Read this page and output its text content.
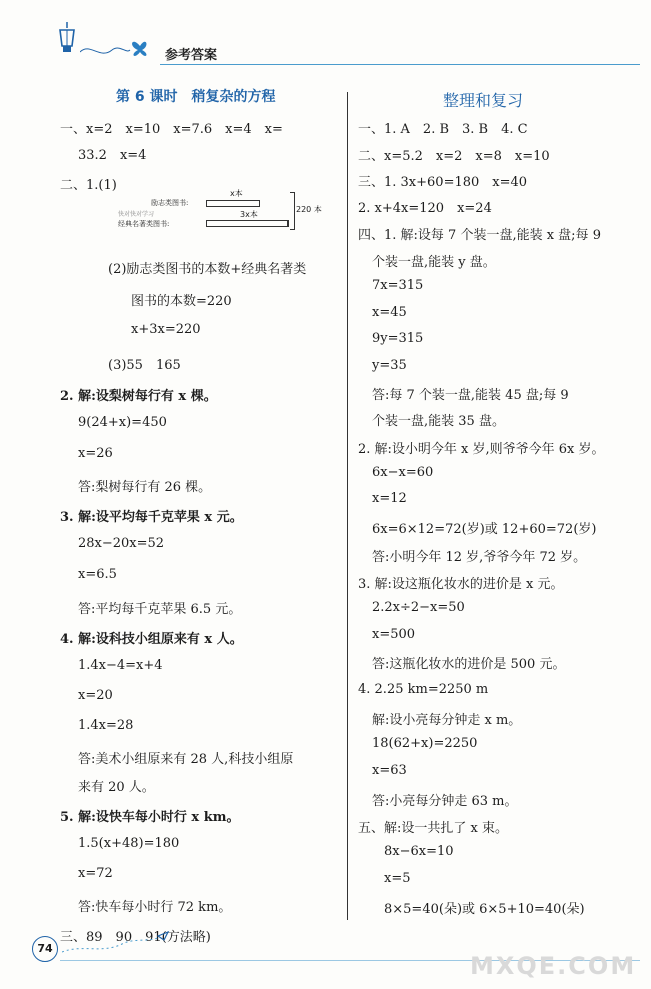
参考答案
第 6 课时　稍复杂的方程
一、x=2　x=10　x=7.6　x=4　x=
33.2　x=4
二、1.(1)
(2)励志类图书的本数+经典名著类
图书的本数=220
x+3x=220
(3)55　165
2. 解:设梨树每行有 x 棵。
9(24+x)=450
x=26
答:梨树每行有 26 棵。
3. 解:设平均每千克苹果 x 元。
28x−20x=52
x=6.5
答:平均每千克苹果 6.5 元。
4. 解:设科技小组原来有 x 人。
1.4x−4=x+4
x=20
1.4x=28
答:美术小组原来有 28 人,科技小组原
来有 20 人。
5. 解:设快车每小时行 x km。
1.5(x+48)=180
x=72
答:快车每小时行 72 km。
三、89　90　91(方法略)
x本
励志类图书:
快对快对学习	3x本
经典名著类图书:
220 本
整理和复习
一、1. A　2. B　3. B　4. C
二、x=5.2　x=2　x=8　x=10
三、1. 3x+60=180　x=40
2. x+4x=120　x=24
四、1. 解:设每 7 个装一盘,能装 x 盘;每 9
个装一盘,能装 y 盘。
7x=315
x=45
9y=315
y=35
答:每 7 个装一盘,能装 45 盘;每 9
个装一盘,能装 35 盘。
2. 解:设小明今年 x 岁,则爷爷今年 6x 岁。
6x−x=60
x=12
6x=6×12=72(岁)或 12+60=72(岁)
答:小明今年 12 岁,爷爷今年 72 岁。
3. 解:设这瓶化妆水的进价是 x 元。
2.2x÷2−x=50
x=500
答:这瓶化妆水的进价是 500 元。
4. 2.25 km=2250 m
解:设小亮每分钟走 x m。
18(62+x)=2250
x=63
答:小亮每分钟走 63 m。
五、解:设一共扎了 x 束。
8x−6x=10
x=5
8×5=40(朵)或 6×5+10=40(朵)
74
MXQE.COM
